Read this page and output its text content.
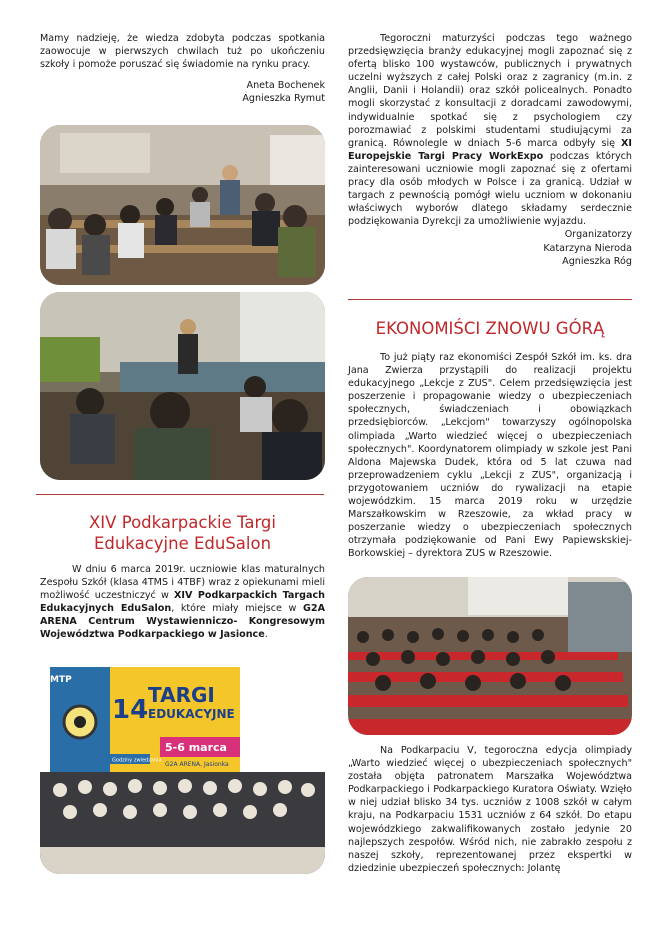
Mamy nadzieję, że wiedza zdobyta podczas spotkania zaowocuje w pierwszych chwilach tuż po ukończeniu szkoły i pomoże poruszać się świadomie na rynku pracy.

Aneta Bochenek

Agnieszka Rymut

XIV Podkarpackie Targi Edukacyjne EduSalon

W dniu 6 marca 2019r. uczniowie klas maturalnych Zespołu Szkół (klasa 4TMS i 4TBF) wraz z opiekunami mieli możliwość uczestniczyć w XIV Podkarpackich Targach Edukacyjnych EduSalon, które miały miejsce w G2A ARENA Centrum Wystawienniczo- Kongresowym Województwa Podkarpackiego w Jasionce.

MTP
14 TARGI
EDUKACYJNE
5-6 marca
G2A ARENA, Jasionka
Godziny zwiedzania

Tegoroczni maturzyści podczas tego ważnego przedsięwzięcia branży edukacyjnej mogli zapoznać się z ofertą blisko 100 wystawców, publicznych i prywatnych uczelni wyższych z całej Polski oraz z zagranicy (m.in. z Anglii, Danii i Holandii) oraz szkół policealnych. Ponadto mogli skorzystać z konsultacji z doradcami zawodowymi, indywidualnie spotkać się z psychologiem czy porozmawiać z polskimi studentami studiującymi za granicą. Równolegle w dniach 5-6 marca odbyły się XI Europejskie Targi Pracy WorkExpo podczas których zainteresowani uczniowie mogli zapoznać się z ofertami pracy dla osób młodych w Polsce i za granicą. Udział w targach z pewnością pomógł wielu uczniom w dokonaniu właściwych wyborów dlatego składamy serdecznie podziękowania Dyrekcji za umożliwienie wyjazdu.

Organizatorzy

Katarzyna Nieroda

Agnieszka Róg

EKONOMIŚCI ZNOWU GÓRĄ

To już piąty raz ekonomiści Zespół Szkół im. ks. dra Jana Zwierza przystąpili do realizacji projektu edukacyjnego „Lekcje z ZUS". Celem przedsięwzięcia jest poszerzenie i propagowanie wiedzy o ubezpieczeniach społecznych, świadczeniach i obowiązkach przedsiębiorców. „Lekcjom" towarzyszy ogólnopolska olimpiada „Warto wiedzieć więcej o ubezpieczeniach społecznych". Koordynatorem olimpiady w szkole jest Pani Aldona Majewska Dudek, która od 5 lat czuwa nad przeprowadzeniem cyklu „Lekcji z ZUS", organizacją i przygotowaniem uczniów do rywalizacji na etapie wojewódzkim. 15 marca 2019 roku w urzędzie Marszałkowskim w Rzeszowie, za wkład pracy w poszerzanie wiedzy o ubezpieczeniach społecznych otrzymała podziękowanie od Pani Ewy Papiewskskiej-Borkowskiej – dyrektora ZUS w Rzeszowie.

Na Podkarpaciu V, tegoroczna edycja olimpiady „Warto wiedzieć więcej o ubezpieczeniach społecznych" została objęta patronatem Marszałka Województwa Podkarpackiego i Podkarpackiego Kuratora Oświaty. Wzięło w niej udział blisko 34 tys. uczniów z 1008 szkół w całym kraju, na Podkarpaciu 1531 uczniów z 64 szkół. Do etapu wojewódzkiego zakwalifikowanych zostało jedynie 20 najlepszych zespołów. Wśród nich, nie zabrakło zespołu z naszej szkoły, reprezentowanej przez ekspertki w dziedzinie ubezpieczeń społecznych: Jolantę
